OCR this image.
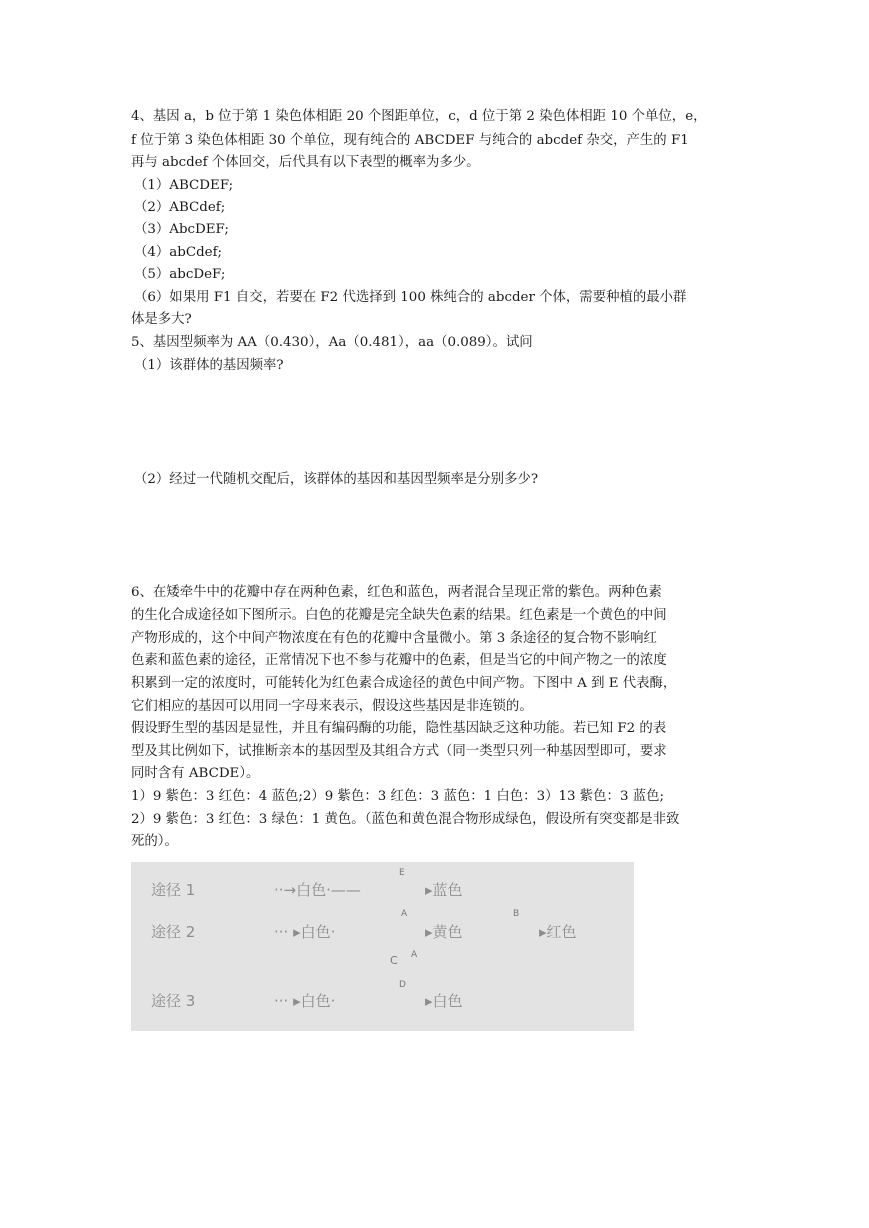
4、基因 a，b 位于第 1 染色体相距 20 个图距单位，c，d 位于第 2 染色体相距 10 个单位，e，
f 位于第 3 染色体相距 30 个单位，现有纯合的 ABCDEF 与纯合的 abcdef 杂交，产生的 F1
再与 abcdef 个体回交，后代具有以下表型的概率为多少。
（1）ABCDEF;
（2）ABCdef;
（3）AbcDEF;
（4）abCdef;
（5）abcDeF;
（6）如果用 F1 自交，若要在 F2 代选择到 100 株纯合的 abcder 个体，需要种植的最小群
体是多大?
5、基因型频率为 AA（0.430），Aa（0.481），aa（0.089）。试问
（1）该群体的基因频率?
（2）经过一代随机交配后，该群体的基因和基因型频率是分别多少?
6、在矮牵牛中的花瓣中存在两种色素，红色和蓝色，两者混合呈现正常的紫色。两种色素
的生化合成途径如下图所示。白色的花瓣是完全缺失色素的结果。红色素是一个黄色的中间
产物形成的，这个中间产物浓度在有色的花瓣中含量微小。第 3 条途径的复合物不影响红
色素和蓝色素的途径，正常情况下也不参与花瓣中的色素，但是当它的中间产物之一的浓度
积累到一定的浓度时，可能转化为红色素合成途径的黄色中间产物。下图中 A 到 E 代表酶，
它们相应的基因可以用同一字母来表示，假设这些基因是非连锁的。
假设野生型的基因是显性，并且有编码酶的功能，隐性基因缺乏这种功能。若已知 F2 的表
型及其比例如下，试推断亲本的基因型及其组合方式（同一类型只列一种基因型即可，要求
同时含有 ABCDE）。
1）9 紫色：3 红色：4 蓝色;2）9 紫色：3 红色：3 蓝色：1 白色：3）13 紫色：3 蓝色;
2）9 紫色：3 红色：3 绿色：1 黄色。（蓝色和黄色混合物形成绿色，假设所有突变都是非致
死的）。
途径 1	··→白色·——
E
▸蓝色
A
途径 2	··· ▸白色·	▸黄色
B
▸红色
C A
D
途径 3	··· ▸白色·	▸白色
